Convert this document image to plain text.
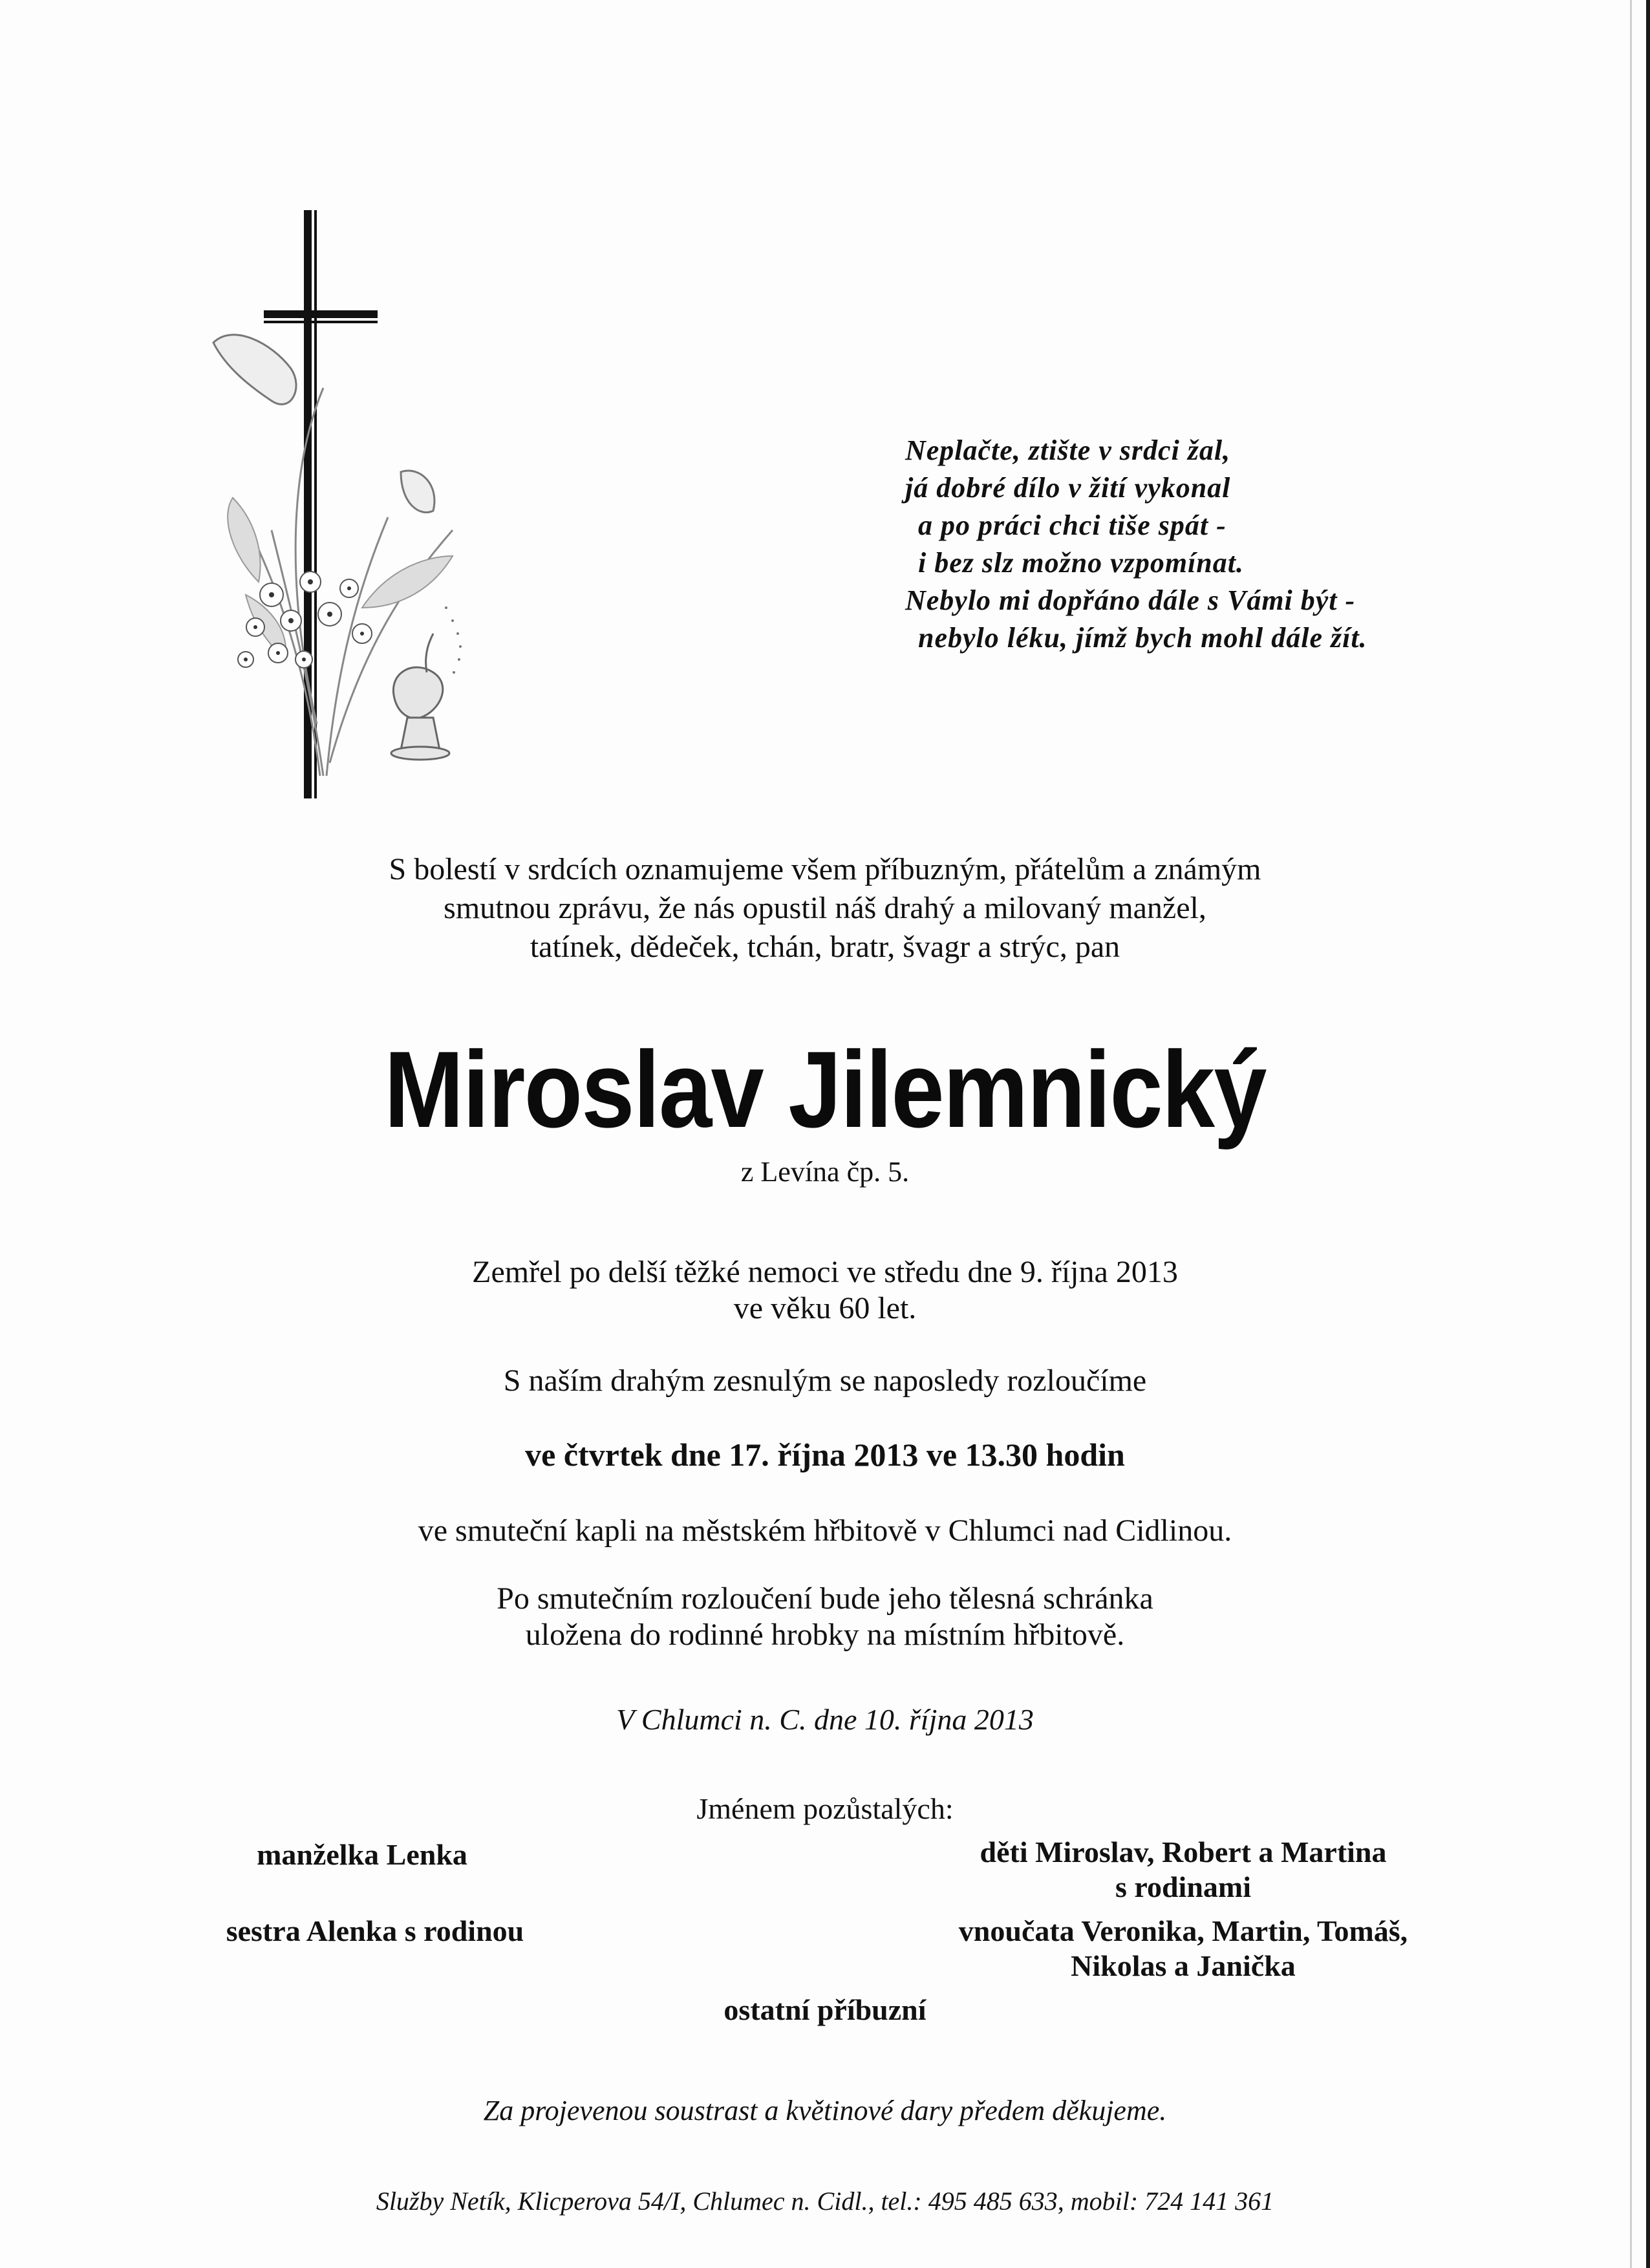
Neplačte, ztište v srdci žal,
já dobré dílo v žití vykonal
a po práci chci tiše spát -
i bez slz možno vzpomínat.
Nebylo mi dopřáno dále s Vámi být -
nebylo léku, jímž bych mohl dále žít.
S bolestí v srdcích oznamujeme všem příbuzným, přátelům a známým
smutnou zprávu, že nás opustil náš drahý a milovaný manžel,
tatínek, dědeček, tchán, bratr, švagr a strýc, pan
Miroslav Jilemnický
z Levína čp. 5.
Zemřel po delší těžké nemoci ve středu dne 9. října 2013
ve věku 60 let.
S naším drahým zesnulým se naposledy rozloučíme
ve čtvrtek dne 17. října 2013 ve 13.30 hodin
ve smuteční kapli na městském hřbitově v Chlumci nad Cidlinou.
Po smutečním rozloučení bude jeho tělesná schránka
uložena do rodinné hrobky na místním hřbitově.
V Chlumci n. C. dne 10. října 2013
Jménem pozůstalých:
manželka Lenka	děti Miroslav, Robert a Martina
s rodinami
sestra Alenka s rodinou	vnoučata Veronika, Martin, Tomáš,
Nikolas a Janička
ostatní příbuzní
Za projevenou soustrast a květinové dary předem děkujeme.
Služby Netík, Klicperova 54/I, Chlumec n. Cidl., tel.: 495 485 633, mobil: 724 141 361
